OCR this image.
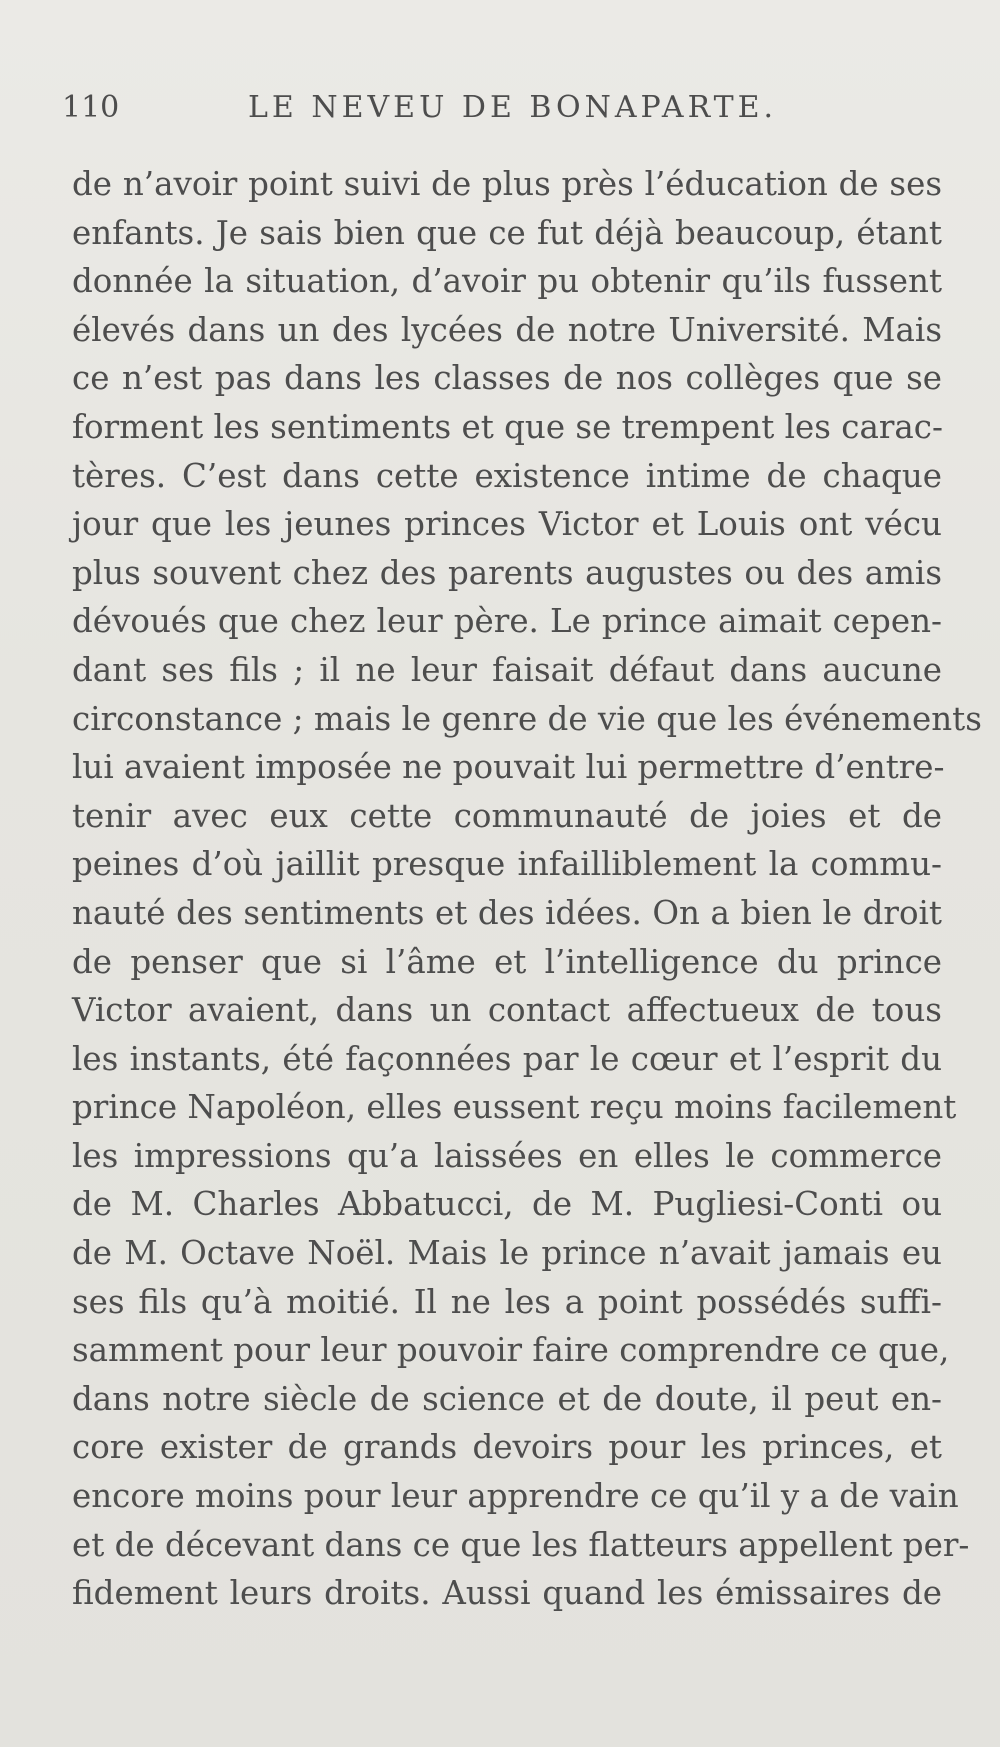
110	LE NEVEU DE BONAPARTE.
de n’avoir point suivi de plus près l’éducation de ses
enfants. Je sais bien que ce fut déjà beaucoup, étant
donnée la situation, d’avoir pu obtenir qu’ils fussent
élevés dans un des lycées de notre Université. Mais
ce n’est pas dans les classes de nos collèges que se
forment les sentiments et que se trempent les carac-
tères. C’est dans cette existence intime de chaque
jour que les jeunes princes Victor et Louis ont vécu
plus souvent chez des parents augustes ou des amis
dévoués que chez leur père. Le prince aimait cepen-
dant ses fils ; il ne leur faisait défaut dans aucune
circonstance ; mais le genre de vie que les événements
lui avaient imposée ne pouvait lui permettre d’entre-
tenir avec eux cette communauté de joies et de
peines d’où jaillit presque infailliblement la commu-
nauté des sentiments et des idées. On a bien le droit
de penser que si l’âme et l’intelligence du prince
Victor avaient, dans un contact affectueux de tous
les instants, été façonnées par le cœur et l’esprit du
prince Napoléon, elles eussent reçu moins facilement
les impressions qu’a laissées en elles le commerce
de M. Charles Abbatucci, de M. Pugliesi-Conti ou
de M. Octave Noël. Mais le prince n’avait jamais eu
ses fils qu’à moitié. Il ne les a point possédés suffi-
samment pour leur pouvoir faire comprendre ce que,
dans notre siècle de science et de doute, il peut en-
core exister de grands devoirs pour les princes, et
encore moins pour leur apprendre ce qu’il y a de vain
et de décevant dans ce que les flatteurs appellent per-
fidement leurs droits. Aussi quand les émissaires de
